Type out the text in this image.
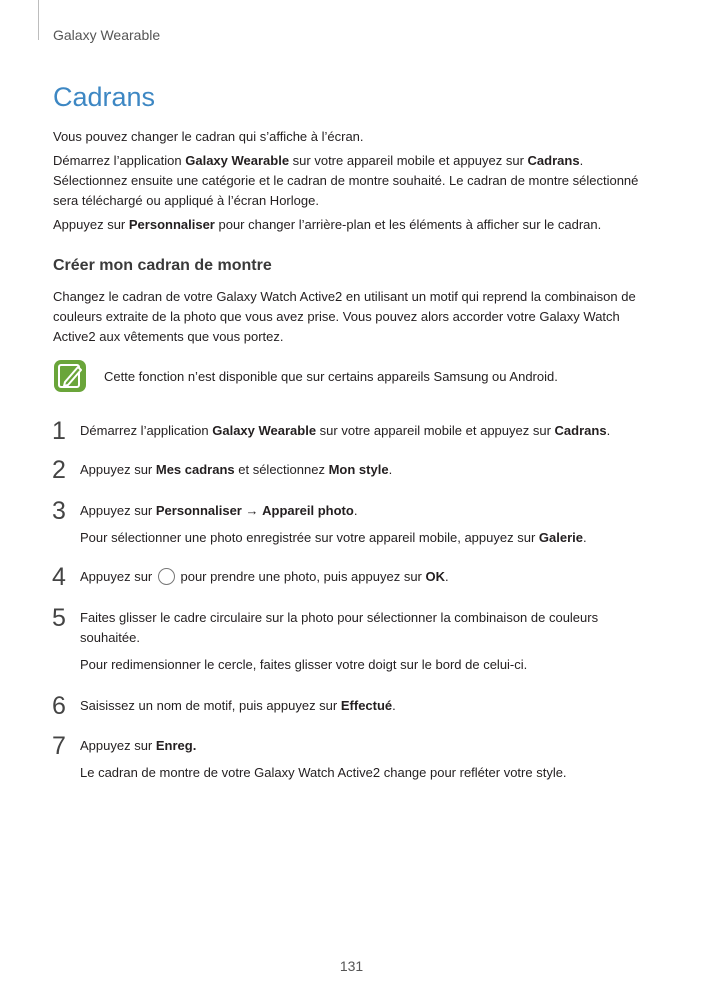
Galaxy Wearable
Cadrans

Vous pouvez changer le cadran qui s’affiche à l’écran.

Démarrez l’application Galaxy Wearable sur votre appareil mobile et appuyez sur Cadrans. Sélectionnez ensuite une catégorie et le cadran de montre souhaité. Le cadran de montre sélectionné sera téléchargé ou appliqué à l’écran Horloge.

Appuyez sur Personnaliser pour changer l’arrière-plan et les éléments à afficher sur le cadran.

Créer mon cadran de montre

Changez le cadran de votre Galaxy Watch Active2 en utilisant un motif qui reprend la combinaison de couleurs extraite de la photo que vous avez prise. Vous pouvez alors accorder votre Galaxy Watch Active2 aux vêtements que vous portez.

Cette fonction n’est disponible que sur certains appareils Samsung ou Android.
1 Démarrez l’application Galaxy Wearable sur votre appareil mobile et appuyez sur Cadrans.

2 Appuyez sur Mes cadrans et sélectionnez Mon style.

3 Appuyez sur Personnaliser → Appareil photo.

Pour sélectionner une photo enregistrée sur votre appareil mobile, appuyez sur Galerie.

4 Appuyez sur  pour prendre une photo, puis appuyez sur OK.

5 Faites glisser le cadre circulaire sur la photo pour sélectionner la combinaison de couleurs souhaitée.

Pour redimensionner le cercle, faites glisser votre doigt sur le bord de celui-ci.

6 Saisissez un nom de motif, puis appuyez sur Effectué.

7 Appuyez sur Enreg.

Le cadran de montre de votre Galaxy Watch Active2 change pour refléter votre style.

131
